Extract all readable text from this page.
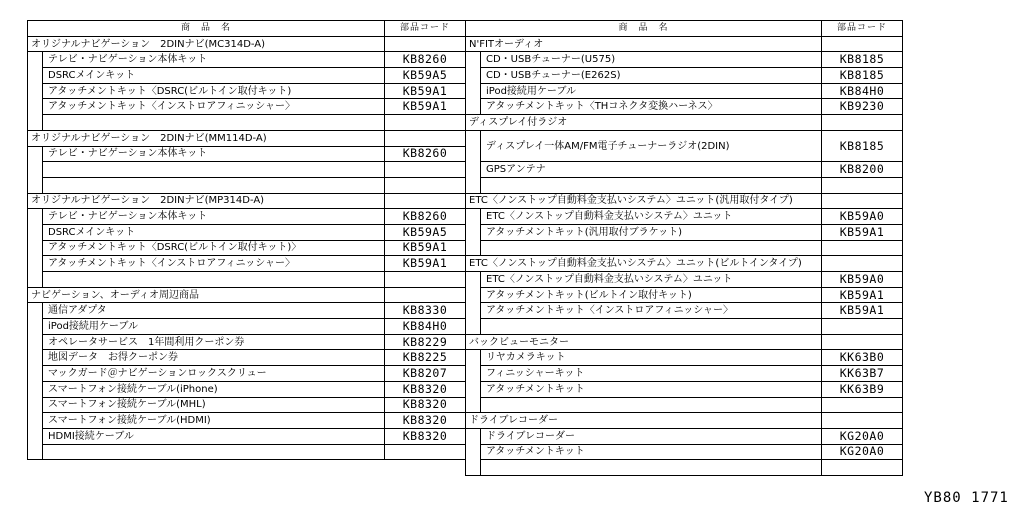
商　品　名		部品コード
オリジナルナビゲーション　2DINナビ(MC314D-A)		
	テレビ・ナビゲーション本体キット	KB8260
	DSRCメインキット	KB59A5
	アタッチメントキット〈DSRC(ビルトイン取付キット)	KB59A1
	アタッチメントキット〈インストロアフィニッシャー〉	KB59A1

オリジナルナビゲーション　2DINナビ(MM114D-A)		
	テレビ・ナビゲーション本体キット	KB8260

オリジナルナビゲーション　2DINナビ(MP314D-A)		
	テレビ・ナビゲーション本体キット	KB8260
	DSRCメインキット	KB59A5
	アタッチメントキット〈DSRC(ビルトイン取付キット)〉	KB59A1
	アタッチメントキット〈インストロアフィニッシャー〉	KB59A1

ナビゲーション、オーディオ周辺商品		
	通信アダプタ	KB8330
	iPod接続用ケーブル	KB84H0
	オペレータサービス　1年間利用クーポン券	KB8229
	地図データ　お得クーポン券	KB8225
	マックガード＠ナビゲーションロックスクリュー	KB8207
	スマートフォン接続ケーブル(iPhone)	KB8320
	スマートフォン接続ケーブル(MHL)	KB8320
	スマートフォン接続ケーブル(HDMI)	KB8320
	HDMI接続ケーブル	KB8320

商　品　名		部品コード
N'FITオーディオ		
	CD・USBチューナー(U575)	KB8185
	CD・USBチューナー(E262S)	KB8185
	iPod接続用ケーブル	KB84H0
	アタッチメントキット〈THコネクタ変換ハーネス〉	KB9230
ディスプレイ付ラジオ		
	ディスプレイ一体AM/FM電子チューナーラジオ(2DIN)	KB8185
	GPSアンテナ	KB8200

ETC〈ノンストップ自動料金支払いシステム〉ユニット(汎用取付タイプ)		
	ETC〈ノンストップ自動料金支払いシステム〉ユニット	KB59A0
	アタッチメントキット(汎用取付ブラケット)	KB59A1

ETC〈ノンストップ自動料金支払いシステム〉ユニット(ビルトインタイプ)		
	ETC〈ノンストップ自動料金支払いシステム〉ユニット	KB59A0
	アタッチメントキット(ビルトイン取付キット)	KB59A1
	アタッチメントキット〈インストロアフィニッシャー〉	KB59A1

バックビューモニター		
	リヤカメラキット	KK63B0
	フィニッシャーキット	KK63B7
	アタッチメントキット	KK63B9

ドライブレコーダー		
	ドライブレコーダー	KG20A0
	アタッチメントキット	KG20A0

YB80 1771
